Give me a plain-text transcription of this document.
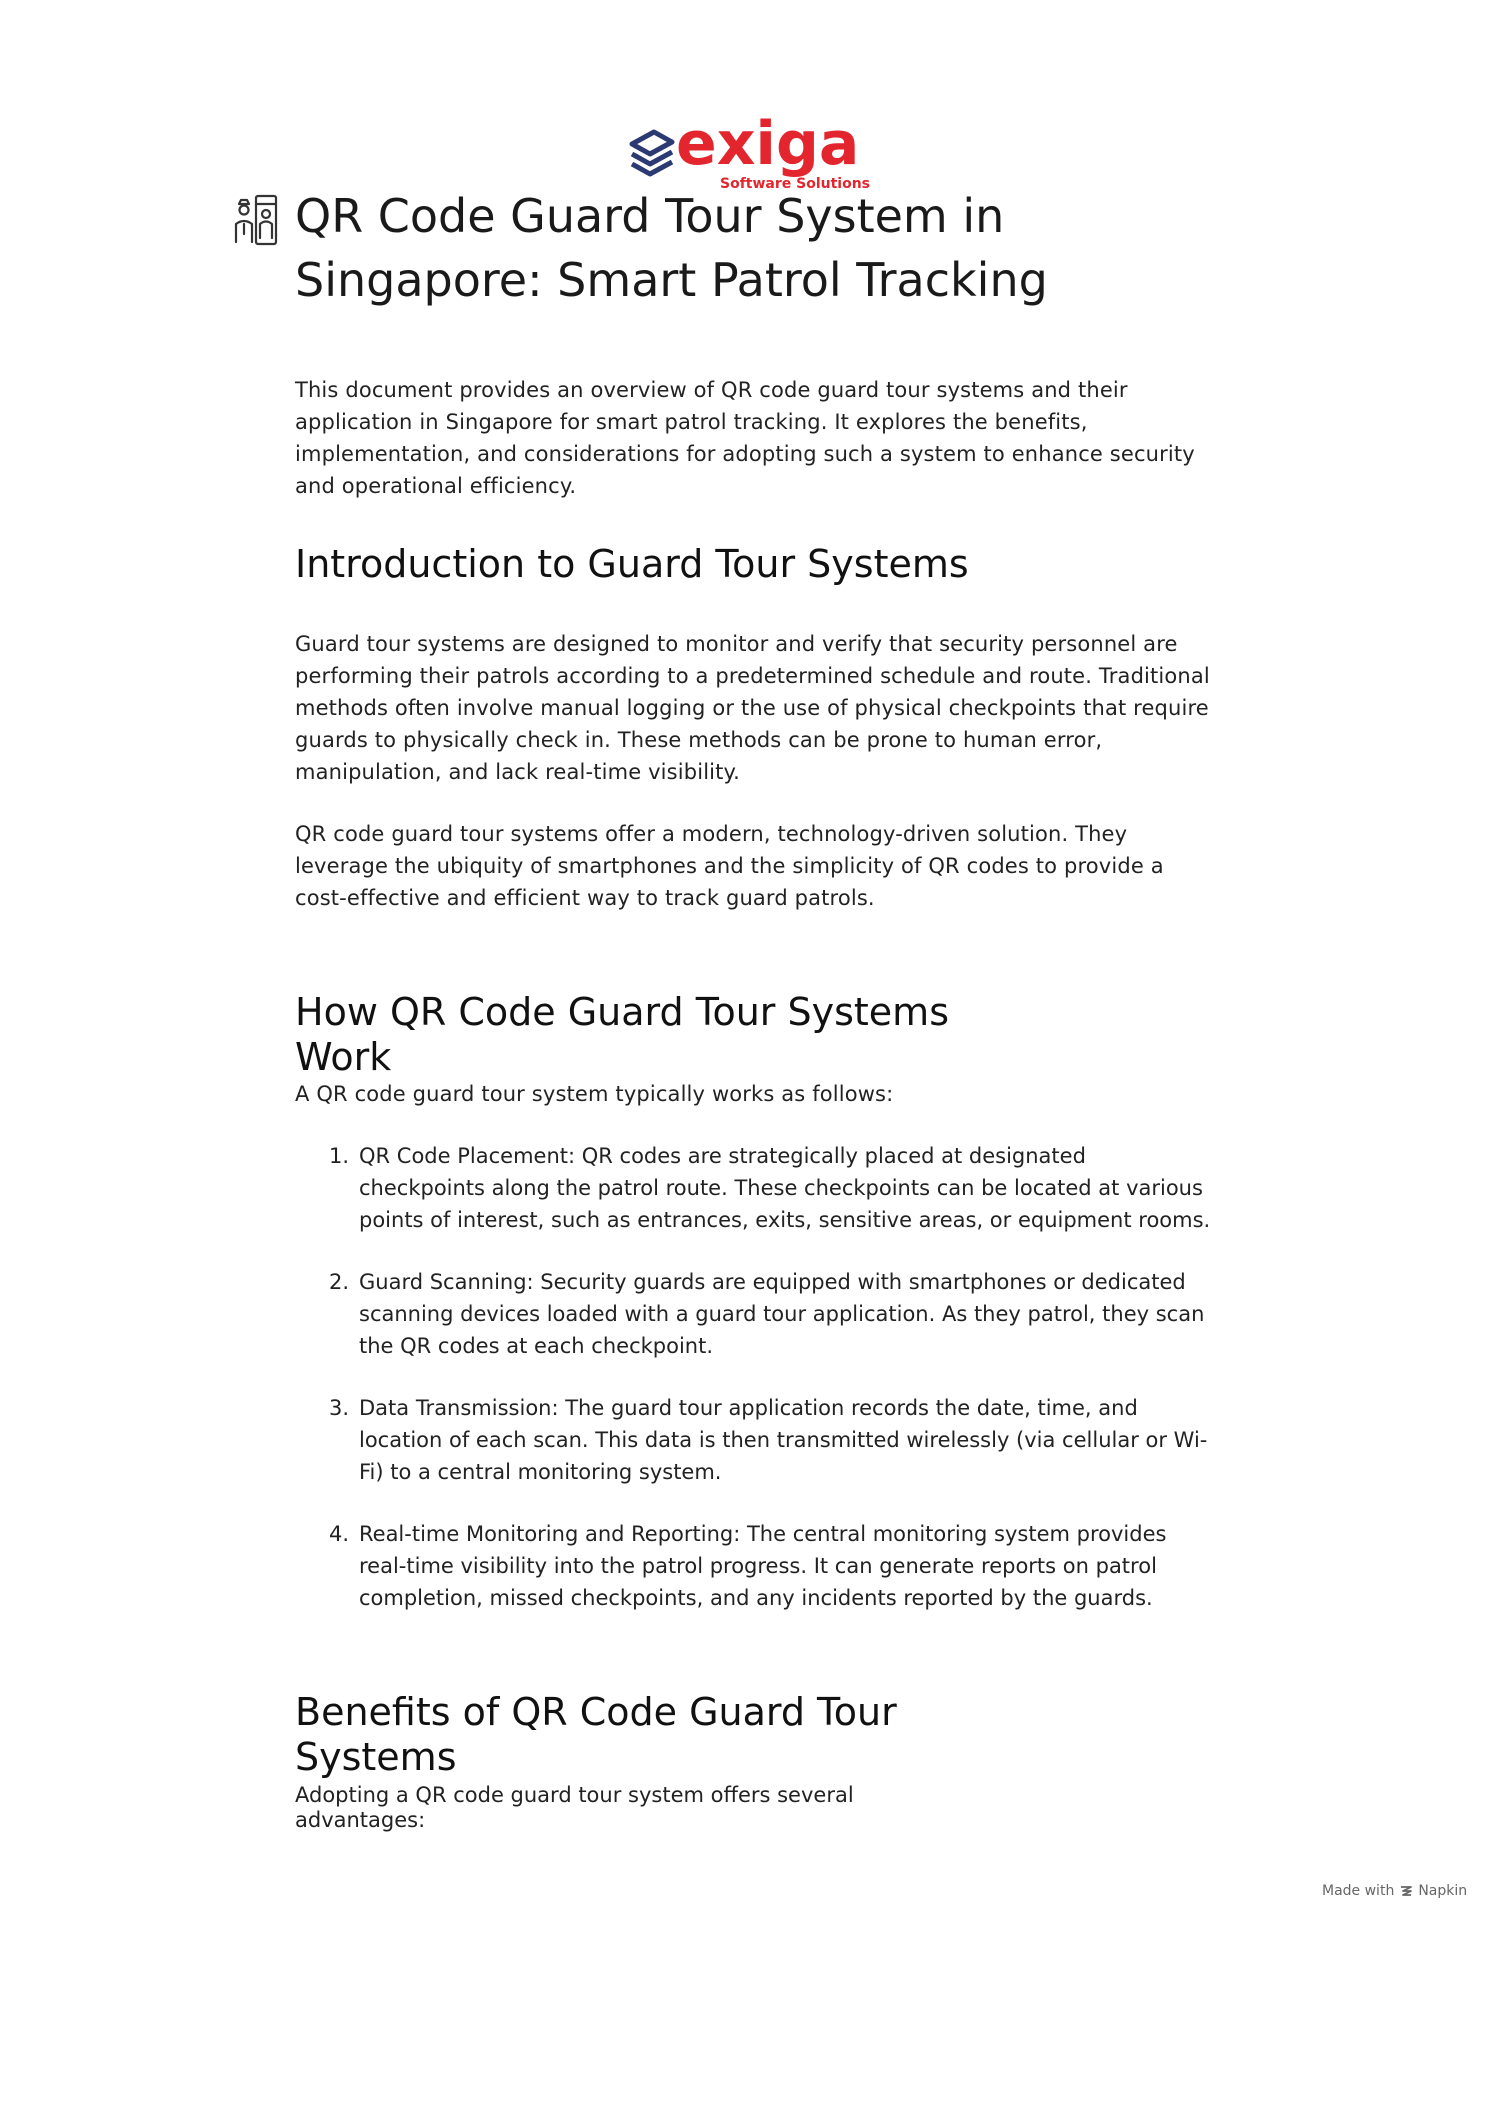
exiga
Software Solutions
QR Code Guard Tour System in Singapore: Smart Patrol Tracking

This document provides an overview of QR code guard tour systems and their application in Singapore for smart patrol tracking. It explores the benefits, implementation, and considerations for adopting such a system to enhance security and operational efficiency.

Introduction to Guard Tour Systems

Guard tour systems are designed to monitor and verify that security personnel are performing their patrols according to a predetermined schedule and route. Traditional methods often involve manual logging or the use of physical checkpoints that require guards to physically check in. These methods can be prone to human error, manipulation, and lack real-time visibility.

QR code guard tour systems offer a modern, technology-driven solution. They leverage the ubiquity of smartphones and the simplicity of QR codes to provide a cost-effective and efficient way to track guard patrols.

How QR Code Guard Tour Systems Work

A QR code guard tour system typically works as follows:

1. QR Code Placement: QR codes are strategically placed at designated checkpoints along the patrol route. These checkpoints can be located at various points of interest, such as entrances, exits, sensitive areas, or equipment rooms.
2. Guard Scanning: Security guards are equipped with smartphones or dedicated scanning devices loaded with a guard tour application. As they patrol, they scan the QR codes at each checkpoint.
3. Data Transmission: The guard tour application records the date, time, and location of each scan. This data is then transmitted wirelessly (via cellular or Wi-Fi) to a central monitoring system.
4. Real-time Monitoring and Reporting: The central monitoring system provides real-time visibility into the patrol progress. It can generate reports on patrol completion, missed checkpoints, and any incidents reported by the guards.
Benefits of QR Code Guard Tour Systems

Adopting a QR code guard tour system offers several advantages:

Made with Napkin
